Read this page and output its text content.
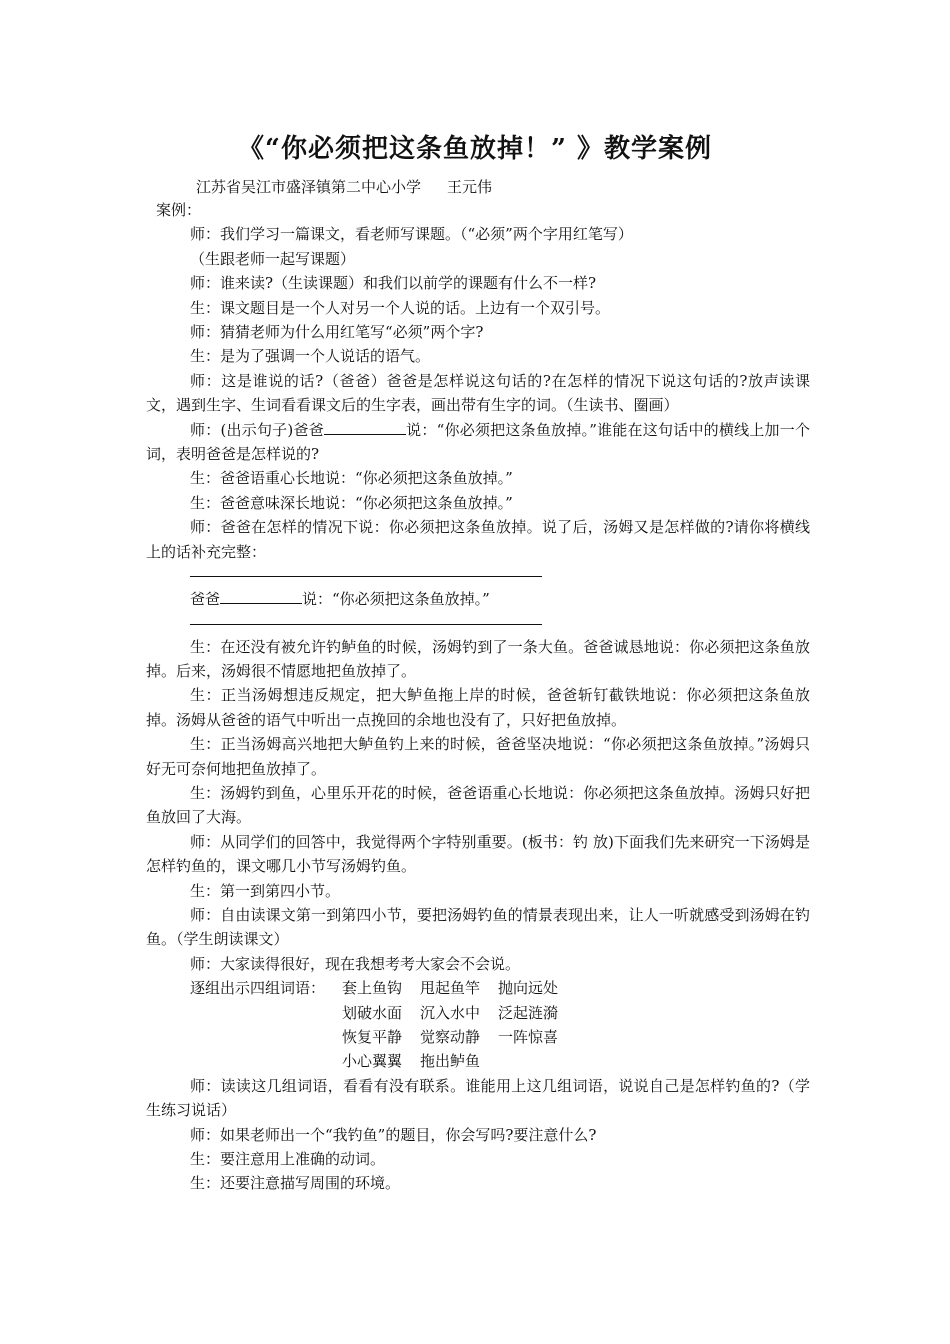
《“你必须把这条鱼放掉！” 》教学案例
江苏省吴江市盛泽镇第二中心小学 王元伟
案例：
师：我们学习一篇课文，看老师写课题。（“必须”两个字用红笔写）
（生跟老师一起写课题）
师：谁来读?（生读课题）和我们以前学的课题有什么不一样?
生：课文题目是一个人对另一个人说的话。上边有一个双引号。
师：猜猜老师为什么用红笔写“必须”两个字?
生：是为了强调一个人说话的语气。
师：这是谁说的话?（爸爸）爸爸是怎样说这句话的?在怎样的情况下说这句话的?放声读课文，遇到生字、生词看看课文后的生字表，画出带有生字的词。（生读书、圈画）
师：(出示句子)爸爸	说：“你必须把这条鱼放掉。”谁能在这句话中的横线上加一个词，表明爸爸是怎样说的?
生：爸爸语重心长地说：“你必须把这条鱼放掉。”
生：爸爸意味深长地说：“你必须把这条鱼放掉。”
师：爸爸在怎样的情况下说：你必须把这条鱼放掉。说了后，汤姆又是怎样做的?请你将横线上的话补充完整：
爸爸	说：“你必须把这条鱼放掉。”
生：在还没有被允许钓鲈鱼的时候，汤姆钓到了一条大鱼。爸爸诚恳地说：你必须把这条鱼放掉。后来，汤姆很不情愿地把鱼放掉了。
生：正当汤姆想违反规定，把大鲈鱼拖上岸的时候，爸爸斩钉截铁地说：你必须把这条鱼放掉。汤姆从爸爸的语气中听出一点挽回的余地也没有了，只好把鱼放掉。
生：正当汤姆高兴地把大鲈鱼钓上来的时候，爸爸坚决地说：“你必须把这条鱼放掉。”汤姆只好无可奈何地把鱼放掉了。
生：汤姆钓到鱼，心里乐开花的时候，爸爸语重心长地说：你必须把这条鱼放掉。汤姆只好把鱼放回了大海。
师：从同学们的回答中，我觉得两个字特别重要。(板书：钓 放)下面我们先来研究一下汤姆是怎样钓鱼的，课文哪几小节写汤姆钓鱼。
生：第一到第四小节。
师：自由读课文第一到第四小节，要把汤姆钓鱼的情景表现出来，让人一听就感受到汤姆在钓鱼。（学生朗读课文）
师：大家读得很好，现在我想考考大家会不会说。
逐组出示四组词语：	套上鱼钩 甩起鱼竿 抛向远处
划破水面 沉入水中 泛起涟漪
恢复平静 觉察动静 一阵惊喜
小心翼翼 拖出鲈鱼
师：读读这几组词语，看看有没有联系。谁能用上这几组词语，说说自己是怎样钓鱼的?（学生练习说话）
师：如果老师出一个“我钓鱼”的题目，你会写吗?要注意什么?
生：要注意用上准确的动词。
生：还要注意描写周围的环境。
